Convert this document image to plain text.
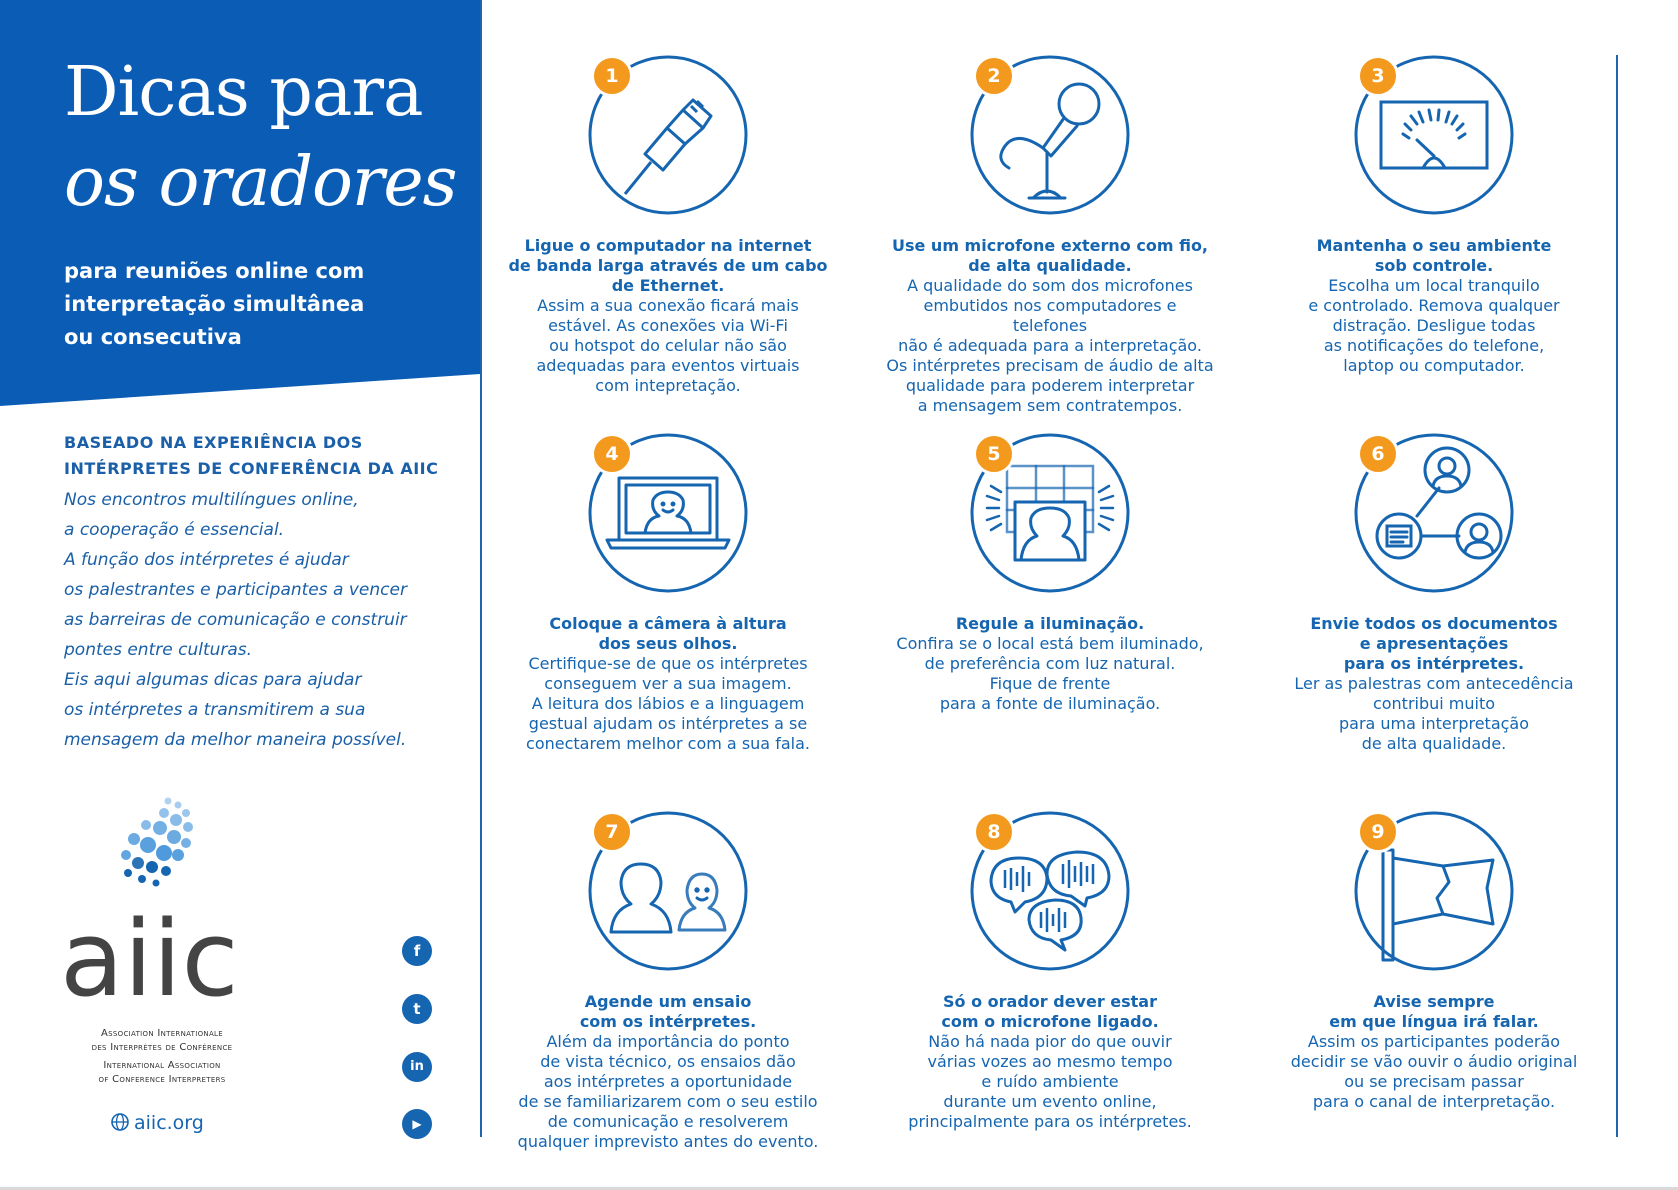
Dicas para
os oradores
para reuniões online com
interpretação simultânea
ou consecutiva
BASEADO NA EXPERIÊNCIA DOS
INTÉRPRETES DE CONFERÊNCIA DA AIIC
Nos encontros multilíngues online,
a cooperação é essencial.
A função dos intérpretes é ajudar
os palestrantes e participantes a vencer
as barreiras de comunicação e construir
pontes entre culturas.
Eis aqui algumas dicas para ajudar
os intérpretes a transmitirem a sua
mensagem da melhor maneira possível.
aiic
Association Internationale
des Interprètes de Conférence
International Association
of Conference Interpreters
aiic.org
f
t
in
▶
1
Ligue o computador na internet
de banda larga através de um cabo
de Ethernet.
Assim a sua conexão ficará mais
estável. As conexões via Wi-Fi
ou hotspot do celular não são
adequadas para eventos virtuais
com intepretação.
2
Use um microfone externo com fio,
de alta qualidade.
A qualidade do som dos microfones
embutidos nos computadores e telefones
não é adequada para a interpretação.
Os intérpretes precisam de áudio de alta
qualidade para poderem interpretar
a mensagem sem contratempos.
3
Mantenha o seu ambiente
sob controle.
Escolha um local tranquilo
e controlado. Remova qualquer
distração. Desligue todas
as notificações do telefone,
laptop ou computador.
4
Coloque a câmera à altura
dos seus olhos.
Certifique-se de que os intérpretes
conseguem ver a sua imagem.
A leitura dos lábios e a linguagem
gestual ajudam os intérpretes a se
conectarem melhor com a sua fala.
5
Regule a iluminação.
Confira se o local está bem iluminado,
de preferência com luz natural.
Fique de frente
para a fonte de iluminação.
6
Envie todos os documentos
e apresentações
para os intérpretes.
Ler as palestras com antecedência
contribui muito
para uma interpretação
de alta qualidade.
7
Agende um ensaio
com os intérpretes.
Além da importância do ponto
de vista técnico, os ensaios dão
aos intérpretes a oportunidade
de se familiarizarem com o seu estilo
de comunicação e resolverem
qualquer imprevisto antes do evento.
8
Só o orador dever estar
com o microfone ligado.
Não há nada pior do que ouvir
várias vozes ao mesmo tempo
e ruído ambiente
durante um evento online,
principalmente para os intérpretes.
9
Avise sempre
em que língua irá falar.
Assim os participantes poderão
decidir se vão ouvir o áudio original
ou se precisam passar
para o canal de interpretação.
